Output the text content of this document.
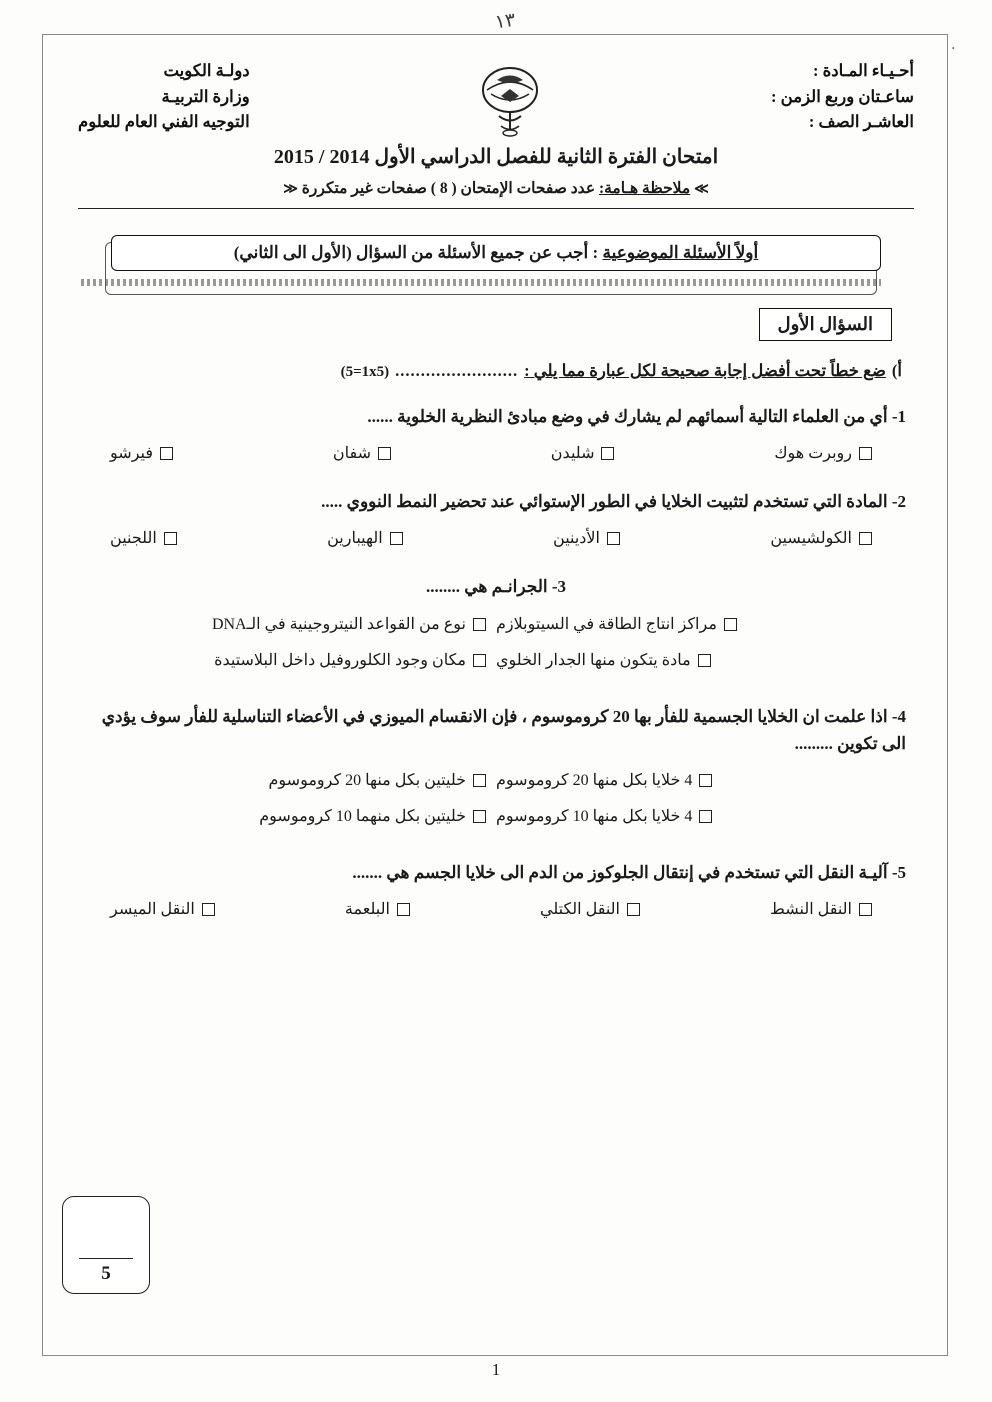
١٣
٠
دولـة الكويت
وزارة التربيـة
التوجيه الفني العام للعلوم
أحـيـاء المـادة :
ساعـتان وربع الزمن :
العاشـر الصف :
امتحان الفترة الثانية للفصل الدراسي الأول 2014 / 2015
≫ ملاحظة هـامة: عدد صفحات الإمتحان ( 8 ) صفحات غير متكررة ≪
أولاً الأسئلة الموضوعية : أجب عن جميع الأسئلة من السؤال (الأول الى الثاني)
السؤال الأول
أ)
ضع خطاً تحت أفضل إجابة صحيحة لكل عبارة مما يلي :
........................
(5=1x5)
1- أي من العلماء التالية أسمائهم لم يشارك في وضع مبادئ النظرية الخلوية ......
روبرت هوك
شليدن
شفان
فيرشو
2- المادة التي تستخدم لتثبيت الخلايا في الطور الإستوائي عند تحضير النمط النووي .....
الكولشيسين
الأدينين
الهيبارين
اللجنين
3- الجرانـم هي ........
مراكز انتاج الطاقة في السيتوبلازم
نوع من القواعد النيتروجينية في الـDNA
مادة يتكون منها الجدار الخلوي
مكان وجود الكلوروفيل داخل البلاستيدة
4- اذا علمت ان الخلايا الجسمية للفأر بها 20 كروموسوم ، فإن الانقسام الميوزي في الأعضاء التناسلية للفأر سوف يؤدي الى تكوين .........
4 خلايا بكل منها 20 كروموسوم
خليتين بكل منها 20 كروموسوم
4 خلايا بكل منها 10 كروموسوم
خليتين بكل منهما 10 كروموسوم
5- آليـة النقل التي تستخدم في إنتقال الجلوكوز من الدم الى خلايا الجسم هي .......
النقل النشط
النقل الكتلي
البلعمة
النقل الميسر
5
1
